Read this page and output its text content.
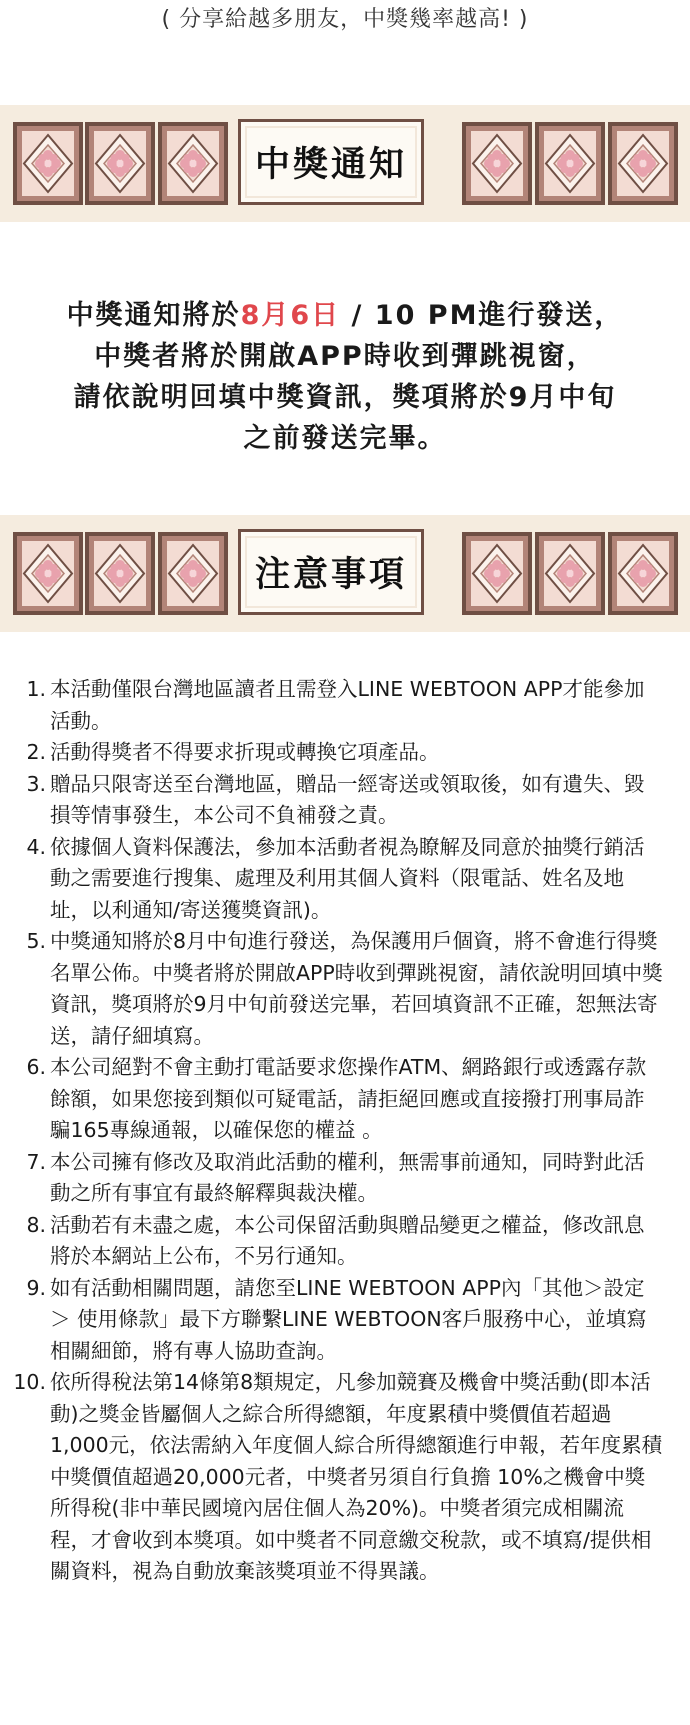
( 分享給越多朋友，中獎幾率越高! )
中獎通知
中獎通知將於8月6日 / 10 PM進行發送，
中獎者將於開啟APP時收到彈跳視窗，
請依說明回填中獎資訊，獎項將於9月中旬
之前發送完畢。
注意事項
1. 本活動僅限台灣地區讀者且需登入LINE WEBTOON APP才能參加活動。
2. 活動得獎者不得要求折現或轉換它項產品。
3. 贈品只限寄送至台灣地區，贈品一經寄送或領取後，如有遺失、毀損等情事發生，本公司不負補發之責。
4. 依據個人資料保護法，參加本活動者視為瞭解及同意於抽獎行銷活動之需要進行搜集、處理及利用其個人資料（限電話、姓名及地址，以利通知/寄送獲獎資訊)。
5. 中獎通知將於8月中旬進行發送，為保護用戶個資，將不會進行得獎名單公佈。中獎者將於開啟APP時收到彈跳視窗，請依說明回填中獎資訊，獎項將於9月中旬前發送完畢，若回填資訊不正確，恕無法寄送，請仔細填寫。
6. 本公司絕對不會主動打電話要求您操作ATM、網路銀行或透露存款餘額，如果您接到類似可疑電話，請拒絕回應或直接撥打刑事局詐騙165專線通報，以確保您的權益 。
7. 本公司擁有修改及取消此活動的權利，無需事前通知，同時對此活動之所有事宜有最終解釋與裁決權。
8. 活動若有未盡之處，本公司保留活動與贈品變更之權益，修改訊息將於本網站上公布，不另行通知。
9. 如有活動相關問題，請您至LINE WEBTOON APP內「其他＞設定＞ 使用條款」最下方聯繫LINE WEBTOON客戶服務中心，並填寫相關細節，將有專人協助查詢。
10. 依所得稅法第14條第8類規定，凡參加競賽及機會中獎活動(即本活動)之獎金皆屬個人之綜合所得總額，年度累積中獎價值若超過1,000元，依法需納入年度個人綜合所得總額進行申報，若年度累積中獎價值超過20,000元者，中獎者另須自行負擔 10%之機會中獎所得稅(非中華民國境內居住個人為20%)。中獎者須完成相關流程，才會收到本獎項。如中獎者不同意繳交稅款，或不填寫/提供相關資料，視為自動放棄該獎項並不得異議。
